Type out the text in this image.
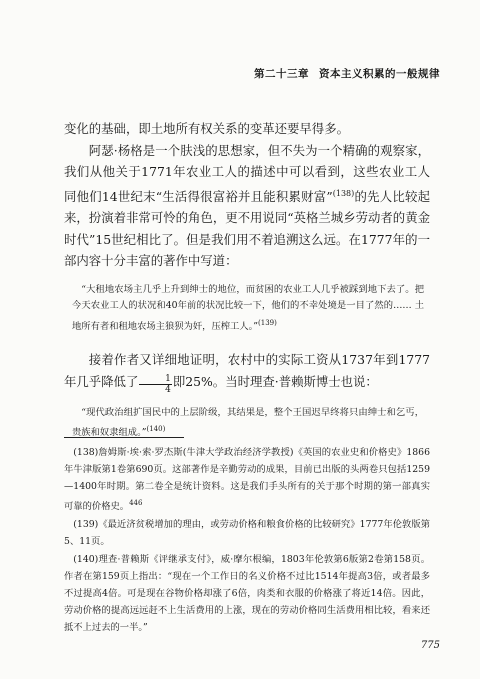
第二十三章 资本主义积累的一般规律

变化的基础，即土地所有权关系的变革还要早得多。

阿瑟·杨格是一个肤浅的思想家，但不失为一个精确的观察家，我们从他关于1771年农业工人的描述中可以看到，这些农业工人同他们14世纪末“生活得很富裕并且能积累财富”$^{(138)}$的先人比较起来，扮演着非常可怜的角色，更不用说同“英格兰城乡劳动者的黄金时代”15世纪相比了。但是我们用不着追溯这么远。在1777年的一部内容十分丰富的著作中写道：

“大租地农场主几乎上升到绅士的地位，而贫困的农业工人几乎被踩到地下去了。把今天农业工人的状况和40年前的状况比较一下，他们的不幸处境是一目了然的…… 土地所有者和租地农场主狼狈为奸，压榨工人。”$^{(139)}$

接着作者又详细地证明，农村中的实际工资从1737年到1777年几乎降低了 $\frac{1}{4}$ 即25%。当时理查·普赖斯博士也说：

“现代政治组扩国民中的上层阶级，其结果是，整个王国迟早终将只由绅士和乞丐，贵族和奴隶组成。”$^{(140)}$

(138)詹姆斯·埃·索·罗杰斯(牛津大学政治经济学教授)《英国的农业史和价格史》1866年牛津版第1卷第690页。这部著作是辛勤劳动的成果，目前已出版的头两卷只包括1259—1400年时期。第二卷全是统计资料。这是我们手头所有的关于那个时期的第一部真实可靠的价格史。$^{446}$

(139)《最近济贫税增加的理由，或劳动价格和粮食价格的比较研究》1777年伦敦版第5、11页。

(140)理查·普赖斯《评继承支付》，威·摩尔根编，1803年伦敦第6版第2卷第158页。作者在第159页上指出：“现在一个工作日的名义价格不过比1514年提高3倍，或者最多不过提高4倍。可是现在谷物价格却涨了6倍，肉类和衣服的价格涨了将近14倍。因此，劳动价格的提高远远赶不上生活费用的上涨，现在的劳动价格同生活费用相比较，看来还抵不上过去的一半。”

775
